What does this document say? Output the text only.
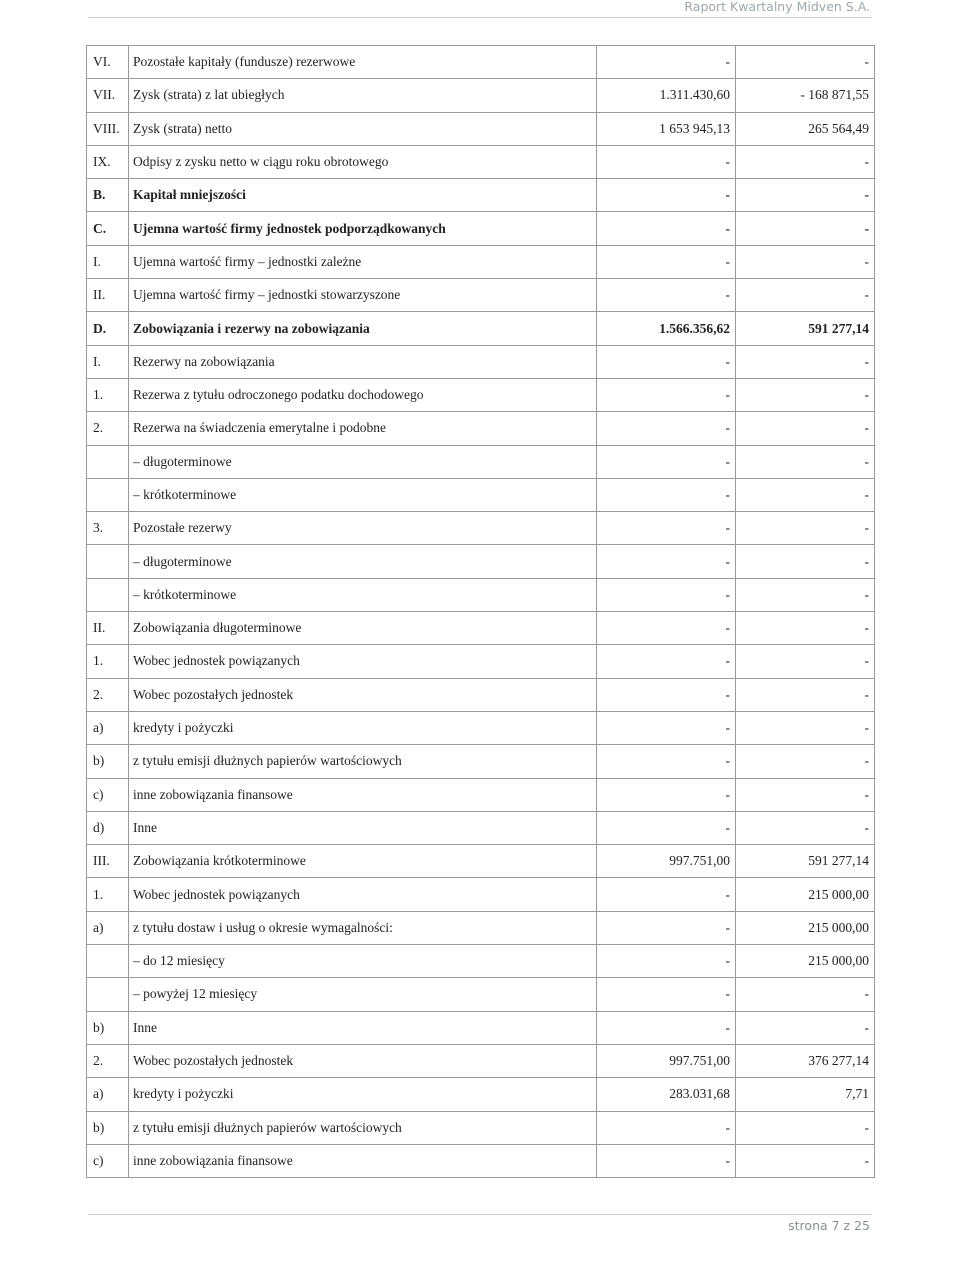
Raport Kwartalny Midven S.A.
VI.	Pozostałe kapitały (fundusze) rezerwowe	-	-
VII.	Zysk (strata) z lat ubiegłych	1.311.430,60	- 168 871,55
VIII.	Zysk (strata) netto	1 653 945,13	265 564,49
IX.	Odpisy z zysku netto w ciągu roku obrotowego	-	-
B.	Kapitał mniejszości	-	-
C.	Ujemna wartość firmy jednostek podporządkowanych	-	-
I.	Ujemna wartość firmy – jednostki zależne	-	-
II.	Ujemna wartość firmy – jednostki stowarzyszone	-	-
D.	Zobowiązania i rezerwy na zobowiązania	1.566.356,62	591 277,14
I.	Rezerwy na zobowiązania	-	-
1.	Rezerwa z tytułu odroczonego podatku dochodowego	-	-
2.	Rezerwa na świadczenia emerytalne i podobne	-	-
	– długoterminowe	-	-
	– krótkoterminowe	-	-
3.	Pozostałe rezerwy	-	-
	– długoterminowe	-	-
	– krótkoterminowe	-	-
II.	Zobowiązania długoterminowe	-	-
1.	Wobec jednostek powiązanych	-	-
2.	Wobec pozostałych jednostek	-	-
a)	kredyty i pożyczki	-	-
b)	z tytułu emisji dłużnych papierów wartościowych	-	-
c)	inne zobowiązania finansowe	-	-
d)	Inne	-	-
III.	Zobowiązania krótkoterminowe	997.751,00	591 277,14
1.	Wobec jednostek powiązanych	-	215 000,00
a)	z tytułu dostaw i usług o okresie wymagalności:	-	215 000,00
	– do 12 miesięcy	-	215 000,00
	– powyżej 12 miesięcy	-	-
b)	Inne	-	-
2.	Wobec pozostałych jednostek	997.751,00	376 277,14
a)	kredyty i pożyczki	283.031,68	7,71
b)	z tytułu emisji dłużnych papierów wartościowych	-	-
c)	inne zobowiązania finansowe	-	-
strona 7 z 25
